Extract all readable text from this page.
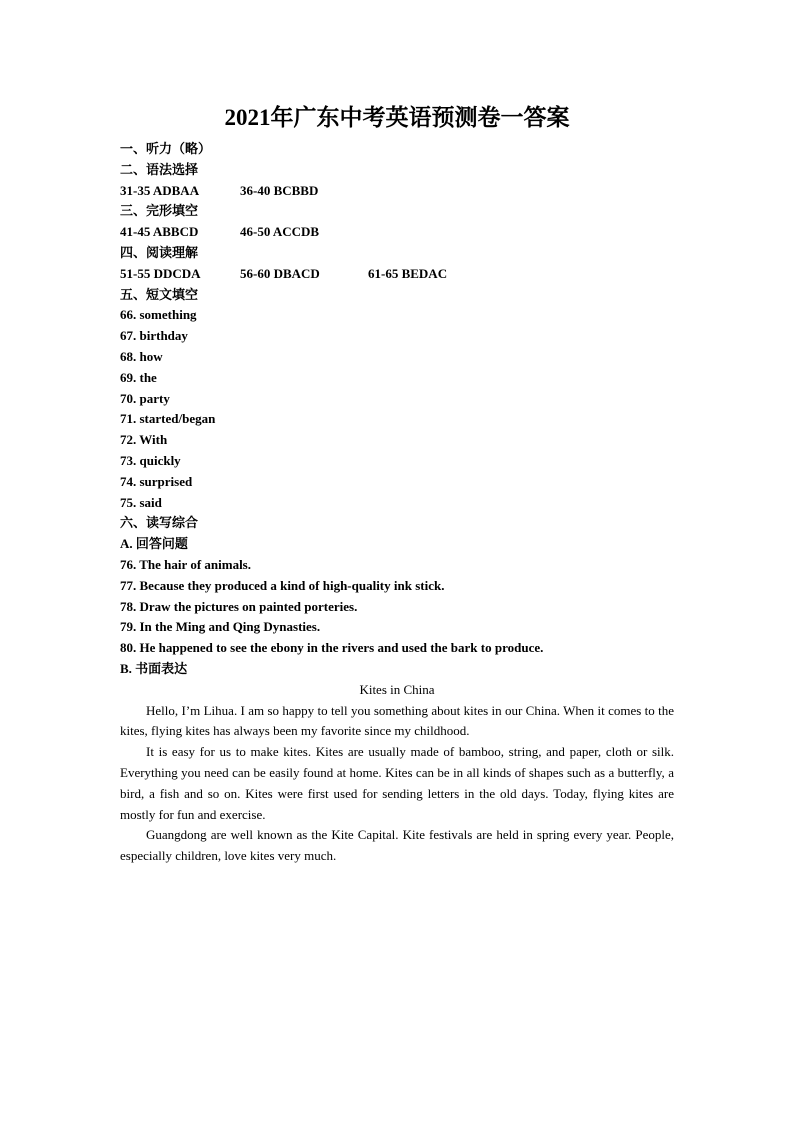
2021年广东中考英语预测卷一答案
一、听力（略）
二、语法选择
31-35 ADBAA	36-40 BCBBD
三、完形填空
41-45 ABBCD	46-50 ACCDB
四、阅读理解
51-55 DDCDA	56-60 DBACD	61-65 BEDAC
五、短文填空
66. something
67. birthday
68. how
69. the
70. party
71. started/began
72. With
73. quickly
74. surprised
75. said
六、读写综合
A. 回答问题
76. The hair of animals.
77. Because they produced a kind of high-quality ink stick.
78. Draw the pictures on painted porteries.
79. In the Ming and Qing Dynasties.
80. He happened to see the ebony in the rivers and used the bark to produce.
B. 书面表达
Kites in China

Hello, I’m Lihua. I am so happy to tell you something about kites in our China. When it comes to the kites, flying kites has always been my favorite since my childhood.

It is easy for us to make kites. Kites are usually made of bamboo, string, and paper, cloth or silk. Everything you need can be easily found at home. Kites can be in all kinds of shapes such as a butterfly, a bird, a fish and so on. Kites were first used for sending letters in the old days. Today, flying kites are mostly for fun and exercise.

Guangdong are well known as the Kite Capital. Kite festivals are held in spring every year. People, especially children, love kites very much.
